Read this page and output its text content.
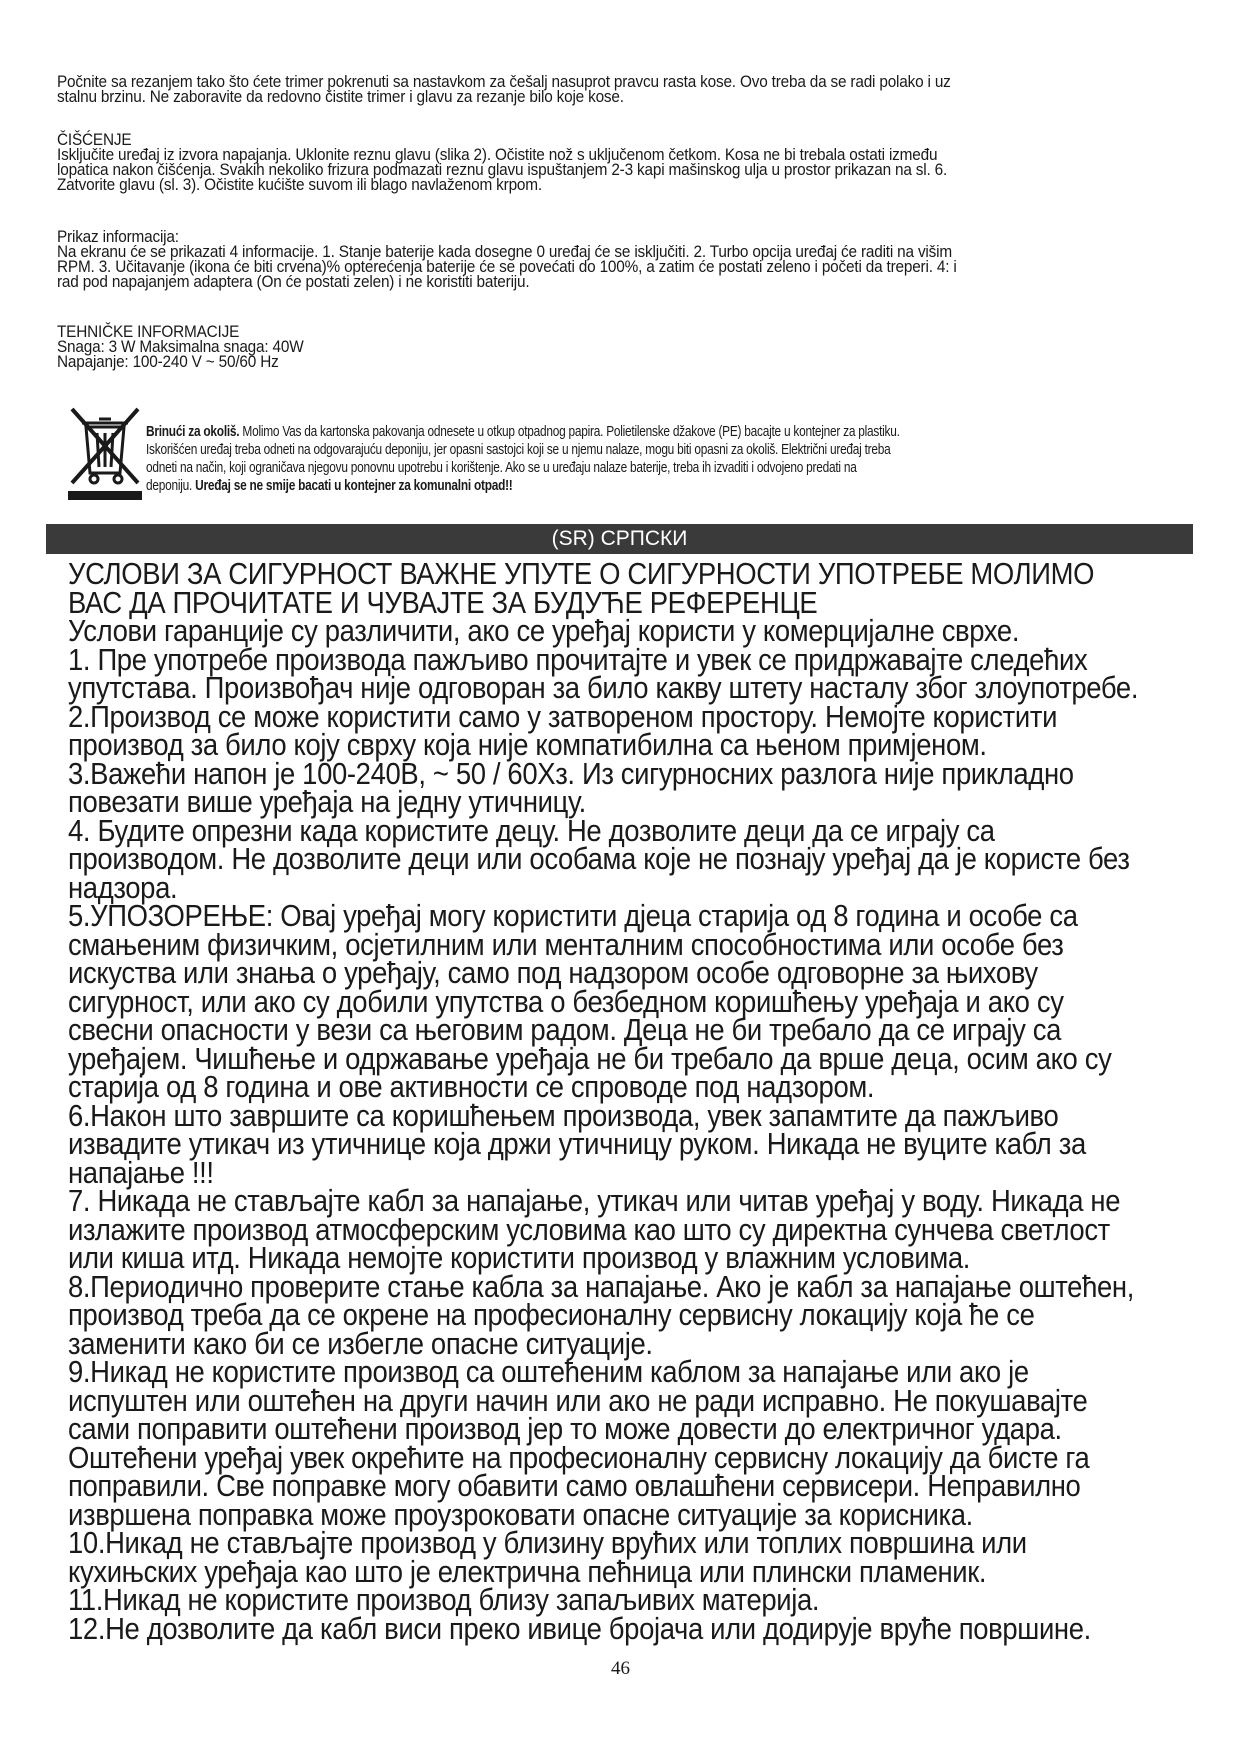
Počnite sa rezanjem tako što ćete trimer pokrenuti sa nastavkom za češalj nasuprot pravcu rasta kose. Ovo treba da se radi polako i uz
stalnu brzinu. Ne zaboravite da redovno čistite trimer i glavu za rezanje bilo koje kose.
ČIŠĆENJE
Isključite uređaj iz izvora napajanja. Uklonite reznu glavu (slika 2). Očistite nož s uključenom četkom. Kosa ne bi trebala ostati između
lopatica nakon čišćenja. Svakih nekoliko frizura podmazati reznu glavu ispuštanjem 2-3 kapi mašinskog ulja u prostor prikazan na sl. 6.
Zatvorite glavu (sl. 3). Očistite kućište suvom ili blago navlaženom krpom.
Prikaz informacija:
Na ekranu će se prikazati 4 informacije. 1. Stanje baterije kada dosegne 0 uređaj će se isključiti. 2. Turbo opcija uređaj će raditi na višim
RPM. 3. Učitavanje (ikona će biti crvena)% opterećenja baterije će se povećati do 100%, a zatim će postati zeleno i početi da treperi. 4: i
rad pod napajanjem adaptera (On će postati zelen) i ne koristiti bateriju.
TEHNIČKE INFORMACIJE
Snaga: 3 W Maksimalna snaga: 40W
Napajanje: 100-240 V ~ 50/60 Hz
Brinući za okoliš. Molimo Vas da kartonska pakovanja odnesete u otkup otpadnog papira. Polietilenske džakove (PE) bacajte u kontejner za plastiku.
Iskorišćen uređaj treba odneti na odgovarajuću deponiju, jer opasni sastojci koji se u njemu nalaze, mogu biti opasni za okoliš. Električni uređaj treba
odneti na način, koji ograničava njegovu ponovnu upotrebu i korištenje. Ako se u uređaju nalaze baterije, treba ih izvaditi i odvojeno predati na
deponiju. Uređaj se ne smije bacati u kontejner za komunalni otpad!!
(SR) СРПСКИ
УСЛОВИ ЗА СИГУРНОСТ ВАЖНЕ УПУТЕ О СИГУРНОСТИ УПОТРЕБЕ МОЛИМО
ВАС ДА ПРОЧИТАТЕ И ЧУВАЈТЕ ЗА БУДУЋЕ РЕФЕРЕНЦЕ
Услови гаранције су различити, ако се уређај користи у комерцијалне сврхе.
1. Пре употребе производа пажљиво прочитајте и увек се придржавајте следећих
упутстава. Произвођач није одговоран за било какву штету насталу због злоупотребе.
2.Производ се може користити само у затвореном простору. Немојте користити
производ за било коју сврху која није компатибилна са њеном примјеном.
3.Важећи напон је 100-240В, ~ 50 / 60Хз. Из сигурносних разлога није прикладно
повезати више уређаја на једну утичницу.
4. Будите опрезни када користите децу. Не дозволите деци да се играју са
производом. Не дозволите деци или особама које не познају уређај да је користе без
надзора.
5.УПОЗОРЕЊЕ: Овај уређај могу користити дјеца старија од 8 година и особе са
смањеним физичким, осјетилним или менталним способностима или особе без
искуства или знања о уређају, само под надзором особе одговорне за њихову
сигурност, или ако су добили упутства о безбедном коришћењу уређаја и ако су
свесни опасности у вези са његовим радом. Деца не би требало да се играју са
уређајем. Чишћење и одржавање уређаја не би требало да врше деца, осим ако су
старија од 8 година и ове активности се спроводе под надзором.
6.Након што завршите са коришћењем производа, увек запамтите да пажљиво
извадите утикач из утичнице која држи утичницу руком. Никада не вуците кабл за
напајање !!!
7. Никада не стављајте кабл за напајање, утикач или читав уређај у воду. Никада не
излажите производ атмосферским условима као што су директна сунчева светлост
или киша итд. Никада немојте користити производ у влажним условима.
8.Периодично проверите стање кабла за напајање. Ако је кабл за напајање оштећен,
производ треба да се окрене на професионалну сервисну локацију која ће се
заменити како би се избегле опасне ситуације.
9.Никад не користите производ са оштећеним каблом за напајање или ако је
испуштен или оштећен на други начин или ако не ради исправно. Не покушавајте
сами поправити оштећени производ јер то може довести до електричног удара.
Оштећени уређај увек окрећите на професионалну сервисну локацију да бисте га
поправили. Све поправке могу обавити само овлашћени сервисери. Неправилно
извршена поправка може проузроковати опасне ситуације за корисника.
10.Никад не стављајте производ у близину врућих или топлих површина или
кухињских уређаја као што је електрична пећница или плински пламеник.
11.Никад не користите производ близу запаљивих материја.
12.Не дозволите да кабл виси преко ивице бројача или додирује вруће површине.
46
